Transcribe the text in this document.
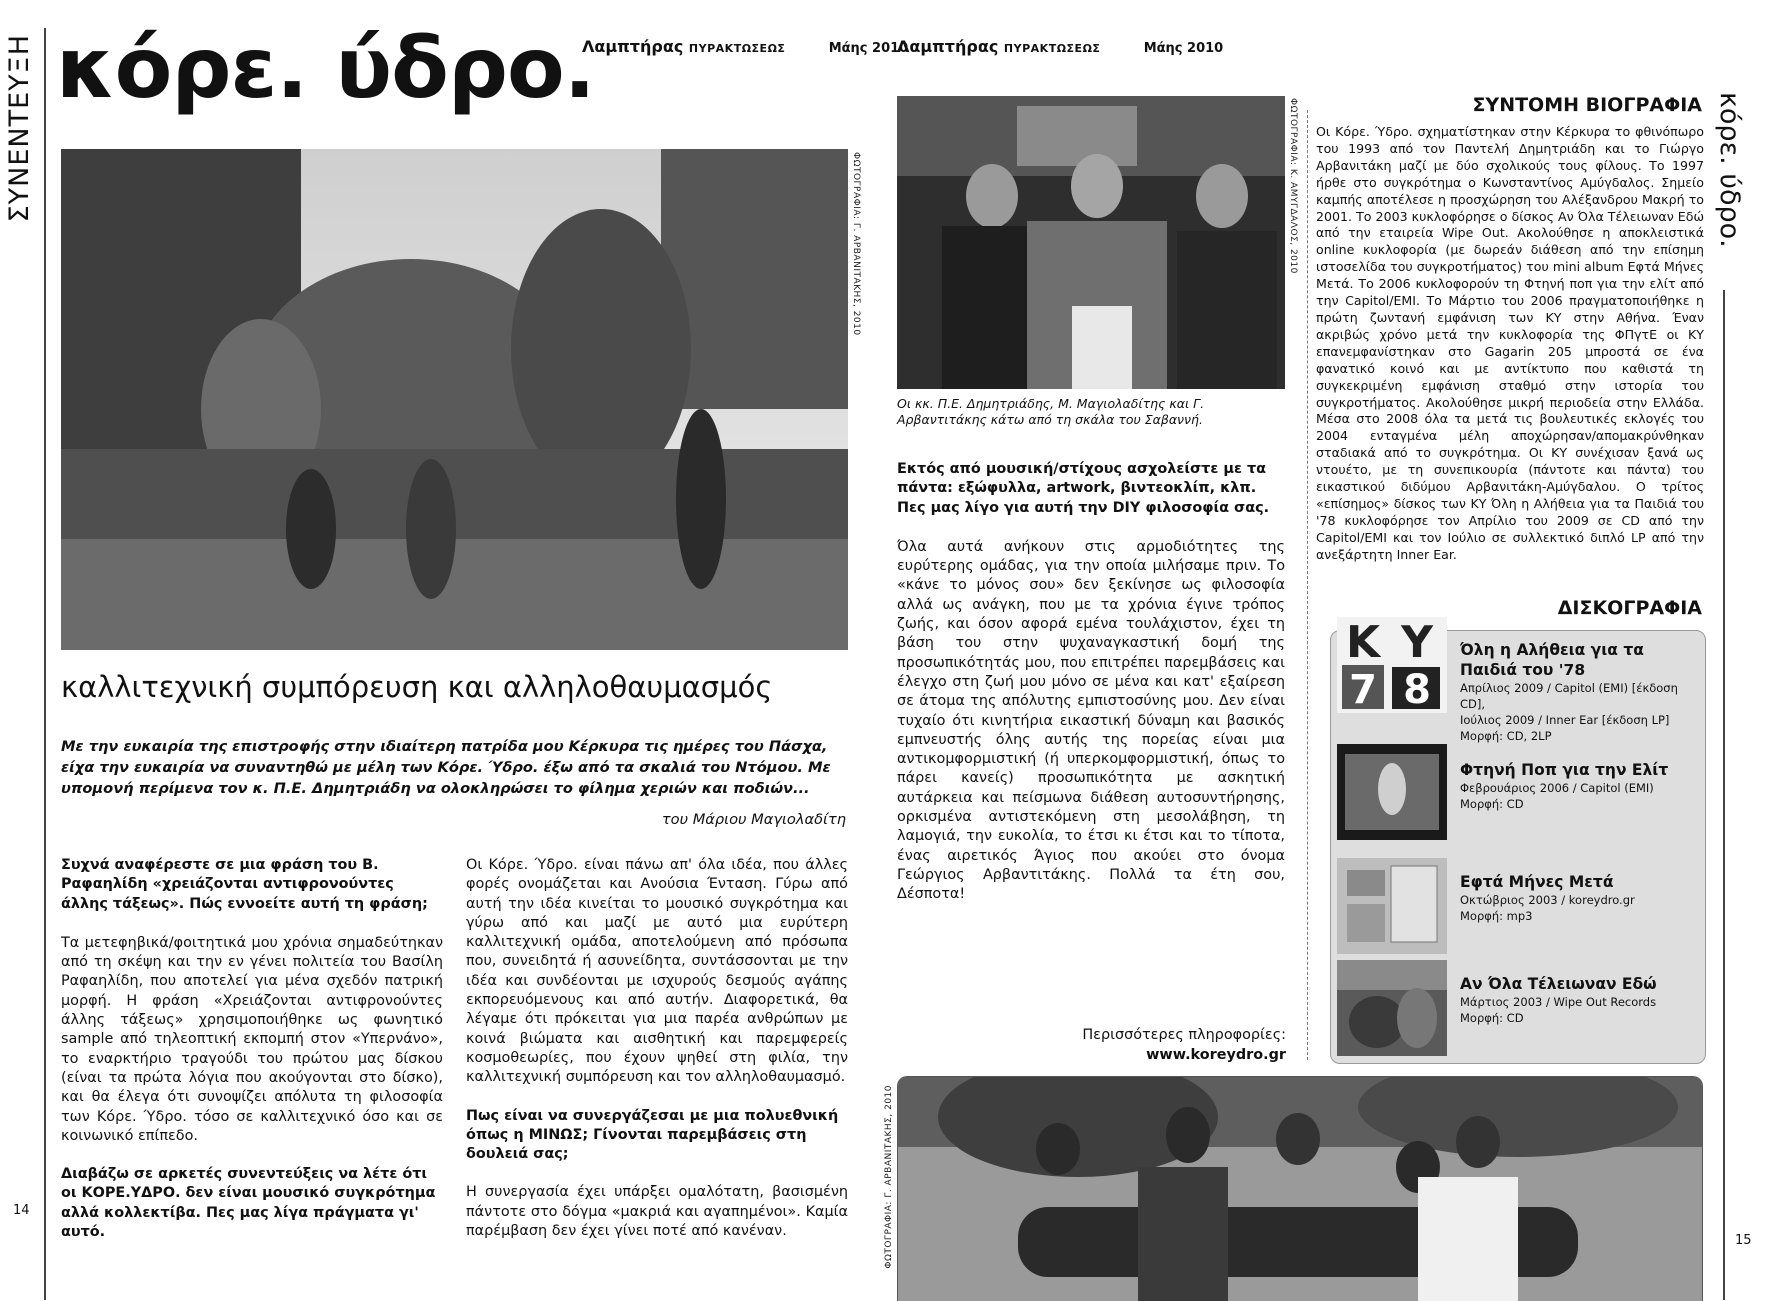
ΣΥΝΕΝΤΕΥΞΗ
14
κόρε. ύδρο.
Λαμπτήρας ΠΥΡΑΚΤΩΣΕΩΣ	Μάης 2010
ΦΩΤΟΓΡΑΦΙΑ: Γ. ΑΡΒΑΝΙΤΑΚΗΣ, 2010
καλλιτεχνική συμπόρευση και αλληλοθαυμασμός
Με την ευκαιρία της επιστροφής στην ιδιαίτερη πατρίδα μου Κέρκυρα τις ημέρες του Πάσχα, είχα την ευκαιρία να συναντηθώ με μέλη των Κόρε. Ύδρο. έξω από τα σκαλιά του Ντόμου. Με υπομονή περίμενα τον κ. Π.Ε. Δημητριάδη να ολοκληρώσει το φίλημα χεριών και ποδιών...
του Μάριου Μαγιολαδίτη

Συχνά αναφέρεστε σε μια φράση του Β. Ραφαηλίδη «χρειάζονται αντιφρονούντες άλλης τάξεως». Πώς εννοείτε αυτή τη φράση;

Τα μετεφηβικά/φοιτητικά μου χρόνια σημαδεύτηκαν από τη σκέψη και την εν γένει πολιτεία του Βασίλη Ραφαηλίδη, που αποτελεί για μένα σχεδόν πατρική μορφή. Η φράση «Χρειάζονται αντιφρονούντες άλλης τάξεως» χρησιμοποιήθηκε ως φωνητικό sample από τηλεοπτική εκπομπή στον «Υπερνάνο», το εναρκτήριο τραγούδι του πρώτου μας δίσκου (είναι τα πρώτα λόγια που ακούγονται στο δίσκο), και θα έλεγα ότι συνοψίζει απόλυτα τη φιλοσοφία των Κόρε. Ύδρο. τόσο σε καλλιτεχνικό όσο και σε κοινωνικό επίπεδο.

Διαβάζω σε αρκετές συνεντεύξεις να λέτε ότι οι ΚΟΡΕ.ΥΔΡΟ. δεν είναι μουσικό συγκρότημα αλλά κολλεκτίβα. Πες μας λίγα πράγματα γι' αυτό.

Οι Κόρε. Ύδρο. είναι πάνω απ' όλα ιδέα, που άλλες φορές ονομάζεται και Ανούσια Ένταση. Γύρω από αυτή την ιδέα κινείται το μουσικό συγκρότημα και γύρω από και μαζί με αυτό μια ευρύτερη καλλιτεχνική ομάδα, αποτελούμενη από πρόσωπα που, συνειδητά ή ασυνείδητα, συντάσσονται με την ιδέα και συνδέονται με ισχυρούς δεσμούς αγάπης εκπορευόμενους και από αυτήν. Διαφορετικά, θα λέγαμε ότι πρόκειται για μια παρέα ανθρώπων με κοινά βιώματα και αισθητική και παρεμφερείς κοσμοθεωρίες, που έχουν ψηθεί στη φιλία, την καλλιτεχνική συμπόρευση και τον αλληλοθαυμασμό.

Πως είναι να συνεργάζεσαι με μια πολυεθνική όπως η ΜΙΝΩΣ; Γίνονται παρεμβάσεις στη δουλειά σας;

Η συνεργασία έχει υπάρξει ομαλότατη, βασισμένη πάντοτε στο δόγμα «μακριά και αγαπημένοι». Καμία παρέμβαση δεν έχει γίνει ποτέ από κανέναν.

Λαμπτήρας ΠΥΡΑΚΤΩΣΕΩΣ	Μάης 2010
ΦΩΤΟΓΡΑΦΙΑ: Κ. ΑΜΥΓΔΑΛΟΣ, 2010

Οι κκ. Π.Ε. Δημητριάδης, Μ. Μαγιολαδίτης και Γ. Αρβαντιτάκης κάτω από τη σκάλα του Σαβαννή.

Εκτός από μουσική/στίχους ασχολείστε με τα πάντα: εξώφυλλα, artwork, βιντεοκλίπ, κλπ. Πες μας λίγο για αυτή την DIY φιλοσοφία σας.

Όλα αυτά ανήκουν στις αρμοδιότητες της ευρύτερης ομάδας, για την οποία μιλήσαμε πριν. Το «κάνε το μόνος σου» δεν ξεκίνησε ως φιλοσοφία αλλά ως ανάγκη, που με τα χρόνια έγινε τρόπος ζωής, και όσον αφορά εμένα τουλάχιστον, έχει τη βάση του στην ψυχαναγκαστική δομή της προσωπικότητάς μου, που επιτρέπει παρεμβάσεις και έλεγχο στη ζωή μου μόνο σε μένα και κατ' εξαίρεση σε άτομα της απόλυτης εμπιστοσύνης μου. Δεν είναι τυχαίο ότι κινητήρια εικαστική δύναμη και βασικός εμπνευστής όλης αυτής της πορείας είναι μια αντικομφορμιστική (ή υπερκομφορμιστική, όπως το πάρει κανείς) προσωπικότητα με ασκητική αυτάρκεια και πείσμωνα διάθεση αυτοσυντήρησης, ορκισμένα αντιστεκόμενη στη μεσολάβηση, τη λαμογιά, την ευκολία, το έτσι κι έτσι και το τίποτα, ένας αιρετικός Άγιος που ακούει στο όνομα Γεώργιος Αρβαντιτάκης. Πολλά τα έτη σου, Δέσποτα!

Περισσότερες πληροφορίες:
www.koreydro.gr
ΣΥΝΤΟΜΗ ΒΙΟΓΡΑΦΙΑ

Οι Κόρε. Ύδρο. σχηματίστηκαν στην Κέρκυρα το φθινόπωρο του 1993 από τον Παντελή Δημητριάδη και το Γιώργο Αρβανιτάκη μαζί με δύο σχολικούς τους φίλους. Το 1997 ήρθε στο συγκρότημα ο Κωνσταντίνος Αμύγδαλος. Σημείο καμπής αποτέλεσε η προσχώρηση του Αλέξανδρου Μακρή το 2001. Το 2003 κυκλοφόρησε ο δίσκος Αν Όλα Τέλειωναν Εδώ από την εταιρεία Wipe Out. Ακολούθησε η αποκλειστικά online κυκλοφορία (με δωρεάν διάθεση από την επίσημη ιστοσελίδα του συγκροτήματος) του mini album Εφτά Μήνες Μετά. Το 2006 κυκλοφορούν τη Φτηνή ποπ για την ελίτ από την Capitol/EMI. Το Μάρτιο του 2006 πραγματοποιήθηκε η πρώτη ζωντανή εμφάνιση των ΚΥ στην Αθήνα. Έναν ακριβώς χρόνο μετά την κυκλοφορία της ΦΠγτΕ οι ΚΥ επανεμφανίστηκαν στο Gagarin 205 μπροστά σε ένα φανατικό κοινό και με αντίκτυπο που καθιστά τη συγκεκριμένη εμφάνιση σταθμό στην ιστορία του συγκροτήματος. Ακολούθησε μικρή περιοδεία στην Ελλάδα. Μέσα στο 2008 όλα τα μετά τις βουλευτικές εκλογές του 2004 ενταγμένα μέλη αποχώρησαν/απομακρύνθηκαν σταδιακά από το συγκρότημα. Οι ΚΥ συνέχισαν ξανά ως ντουέτο, με τη συνεπικουρία (πάντοτε και πάντα) του εικαστικού διδύμου Αρβανιτάκη-Αμύγδαλου. Ο τρίτος «επίσημος» δίσκος των ΚΥ Όλη η Αλήθεια για τα Παιδιά του '78 κυκλοφόρησε τον Απρίλιο του 2009 σε CD από την Capitol/EMI και τον Ιούλιο σε συλλεκτικό διπλό LP από την ανεξάρτητη Inner Ear.

ΔΙΣΚΟΓΡΑΦΙΑ
Κ Υ
7 8
Όλη η Αλήθεια για τα Παιδιά του '78
Απρίλιος 2009 / Capitol (EMI) [έκδοση CD],
Ιούλιος 2009 / Inner Ear [έκδοση LP]
Μορφή: CD, 2LP
Φτηνή Ποπ για την Ελίτ
Φεβρουάριος 2006 / Capitol (EMI)
Μορφή: CD
Εφτά Μήνες Μετά
Οκτώβριος 2003 / koreydro.gr
Μορφή: mp3
Αν Όλα Τέλειωναν Εδώ
Μάρτιος 2003 / Wipe Out Records
Μορφή: CD
κόρε. ύδρο.
15
ΦΩΤΟΓΡΑΦΙΑ: Γ. ΑΡΒΑΝΙΤΑΚΗΣ, 2010
